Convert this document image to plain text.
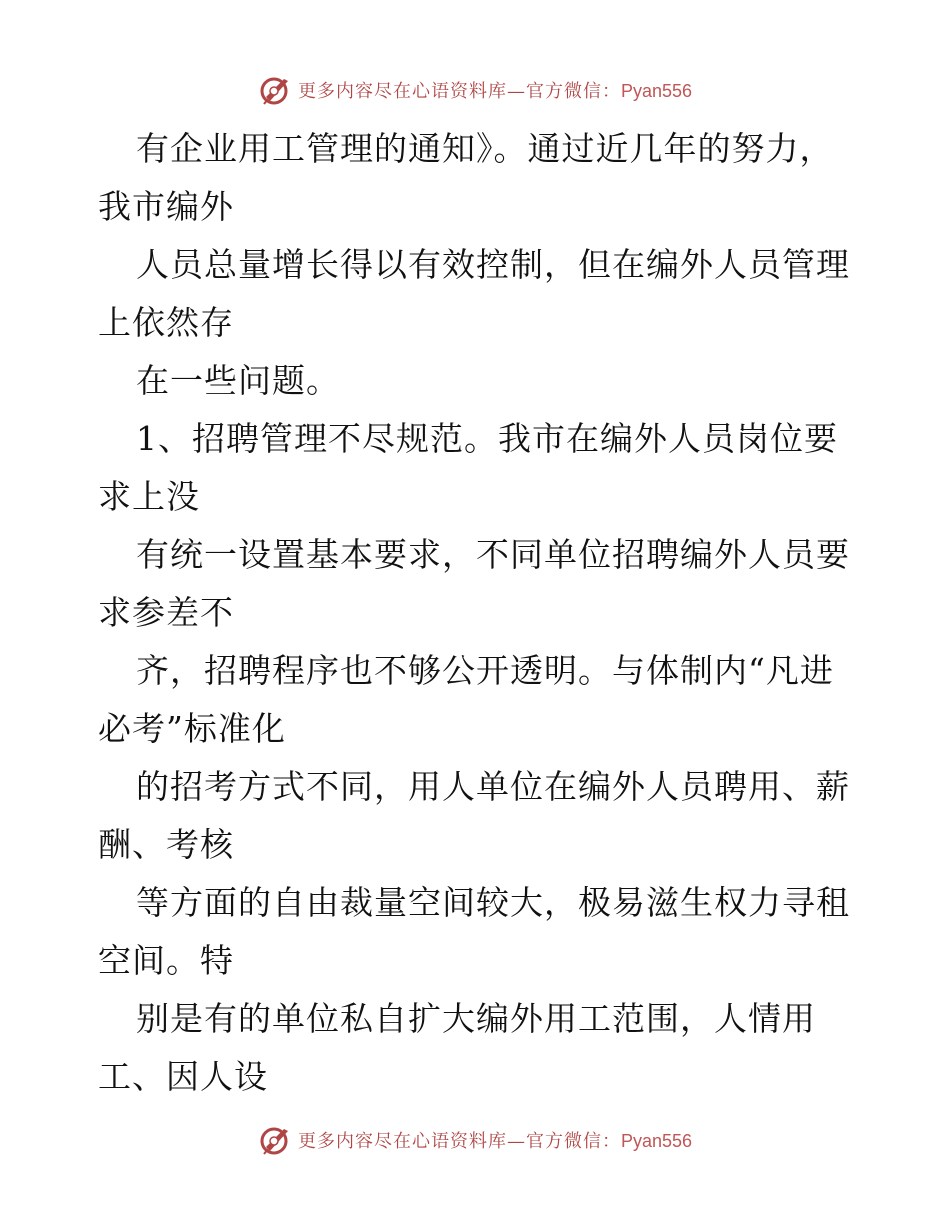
更多内容尽在心语资料库—官方微信：Pyan556
有企业用工管理的通知》。通过近几年的努力，
我市编外
人员总量增长得以有效控制，但在编外人员管理
上依然存
在一些问题。
1、招聘管理不尽规范。我市在编外人员岗位要
求上没
有统一设置基本要求，不同单位招聘编外人员要
求参差不
齐，招聘程序也不够公开透明。与体制内“凡进
必考”标准化
的招考方式不同，用人单位在编外人员聘用、薪
酬、考核
等方面的自由裁量空间较大，极易滋生权力寻租
空间。特
别是有的单位私自扩大编外用工范围，人情用
工、因人设
更多内容尽在心语资料库—官方微信：Pyan556
